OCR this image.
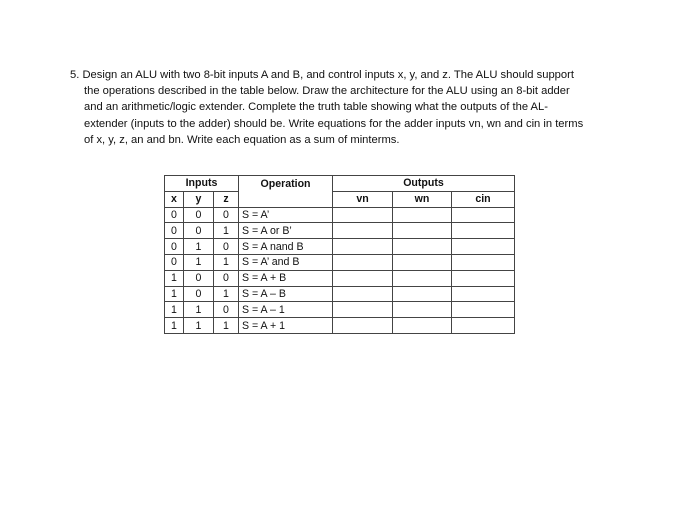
5. Design an ALU with two 8-bit inputs A and B, and control inputs x, y, and z. The ALU should support
the operations described in the table below. Draw the architecture for the ALU using an 8-bit adder
and an arithmetic/logic extender. Complete the truth table showing what the outputs of the AL-
extender (inputs to the adder) should be. Write equations for the adder inputs vn, wn and cin in terms
of x, y, z, an and bn. Write each equation as a sum of minterms.
Inputs			Operation	Outputs		
x	y	z		vn	wn	cin
0	0	0	S = A’			
0	0	1	S = A or B’			
0	1	0	S = A nand B			
0	1	1	S = A’ and B			
1	0	0	S = A + B			
1	0	1	S = A – B			
1	1	0	S = A – 1			
1	1	1	S = A + 1			
